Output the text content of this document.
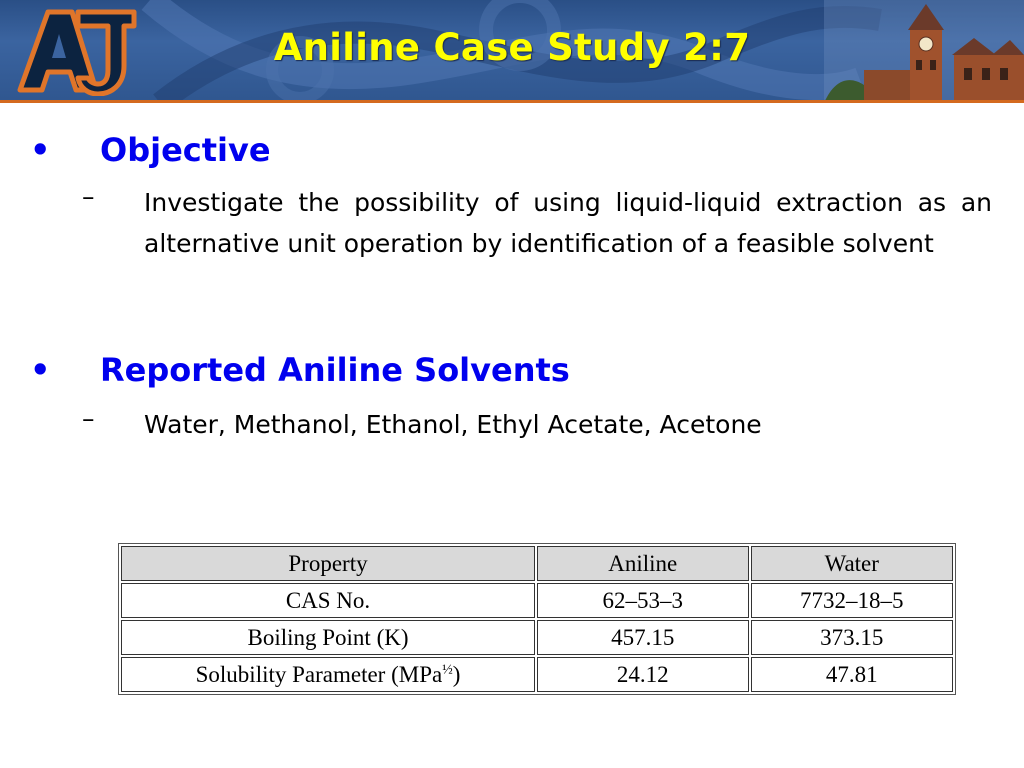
Aniline Case Study 2:7
•	Objective
– Investigate the possibility of using liquid-liquid extraction as an alternative unit operation by identification of a feasible solvent
•	Reported Aniline Solvents
– Water, Methanol, Ethanol, Ethyl Acetate, Acetone
Property	Aniline	Water
CAS No.	62–53–3	7732–18–5
Boiling Point (K)	457.15	373.15
Solubility Parameter (MPa$^{\frac{1}{2}}$)	24.12	47.81
